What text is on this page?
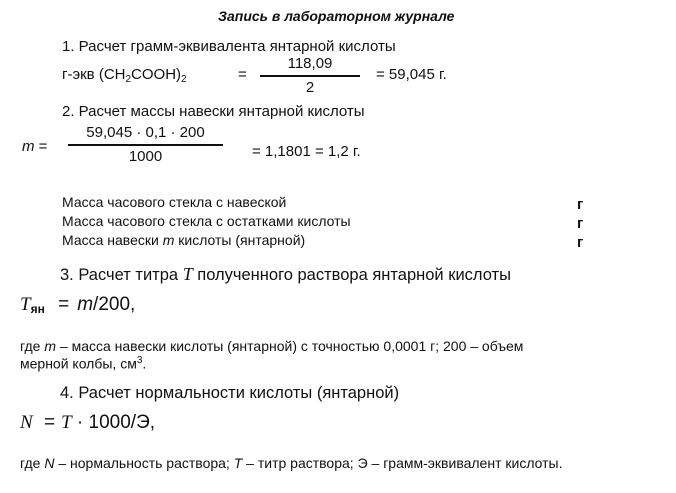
Запись в лабораторном журнале
1. Расчет грамм-эквивалента янтарной кислоты
г-экв $(CH_2COOH)_2$	=
118,09
2
= 59,045 г.
2. Расчет массы навески янтарной кислоты
m =
59,045 · 0,1 · 200
1000	= 1,1801 = 1,2 г.
Масса часового стекла с навеской	г
Масса часового стекла с остатками кислоты	г
Масса навески m кислоты (янтарной)	г
3. Расчет титра T полученного раствора янтарной кислоты
$T_{ян} = m/200$,
где m – масса навески кислоты (янтарной) с точностью 0,0001 г; 200 – объем
мерной колбы, $см^3$.
4. Расчет нормальности кислоты (янтарной)
N = T · 1000/Э,
где N – нормальность раствора; T – титр раствора; Э – грамм-эквивалент кислоты.
